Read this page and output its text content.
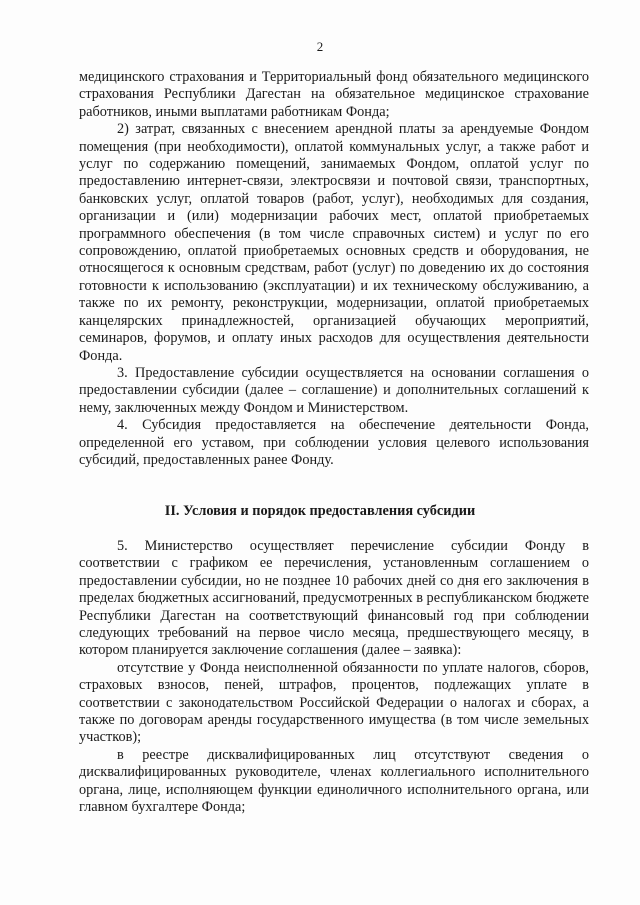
2

медицинского страхования и Территориальный фонд обязательного медицинского страхования Республики Дагестан на обязательное медицинское страхование работников, иными выплатами работникам Фонда;

2) затрат, связанных с внесением арендной платы за арендуемые Фондом помещения (при необходимости), оплатой коммунальных услуг, а также работ и услуг по содержанию помещений, занимаемых Фондом, оплатой услуг по предоставлению интернет-связи, электросвязи и почтовой связи, транспортных, банковских услуг, оплатой товаров (работ, услуг), необходимых для создания, организации и (или) модернизации рабочих мест, оплатой приобретаемых программного обеспечения (в том числе справочных систем) и услуг по его сопровождению, оплатой приобретаемых основных средств и оборудования, не относящегося к основным средствам, работ (услуг) по доведению их до состояния готовности к использованию (эксплуатации) и их техническому обслуживанию, а также по их ремонту, реконструкции, модернизации, оплатой приобретаемых канцелярских принадлежностей, организацией обучающих мероприятий, семинаров, форумов, и оплату иных расходов для осуществления деятельности Фонда.

3. Предоставление субсидии осуществляется на основании соглашения о предоставлении субсидии (далее – соглашение) и дополнительных соглашений к нему, заключенных между Фондом и Министерством.

4. Субсидия предоставляется на обеспечение деятельности Фонда, определенной его уставом, при соблюдении условия целевого использования субсидий, предоставленных ранее Фонду.

II. Условия и порядок предоставления субсидии

5. Министерство осуществляет перечисление субсидии Фонду в соответствии с графиком ее перечисления, установленным соглашением о предоставлении субсидии, но не позднее 10 рабочих дней со дня его заключения в пределах бюджетных ассигнований, предусмотренных в республиканском бюджете Республики Дагестан на соответствующий финансовый год при соблюдении следующих требований на первое число месяца, предшествующего месяцу, в котором планируется заключение соглашения (далее – заявка):

отсутствие у Фонда неисполненной обязанности по уплате налогов, сборов, страховых взносов, пеней, штрафов, процентов, подлежащих уплате в соответствии с законодательством Российской Федерации о налогах и сборах, а также по договорам аренды государственного имущества (в том числе земельных участков);

в реестре дисквалифицированных лиц отсутствуют сведения о дисквалифицированных руководителе, членах коллегиального исполнительного органа, лице, исполняющем функции единоличного исполнительного органа, или главном бухгалтере Фонда;
